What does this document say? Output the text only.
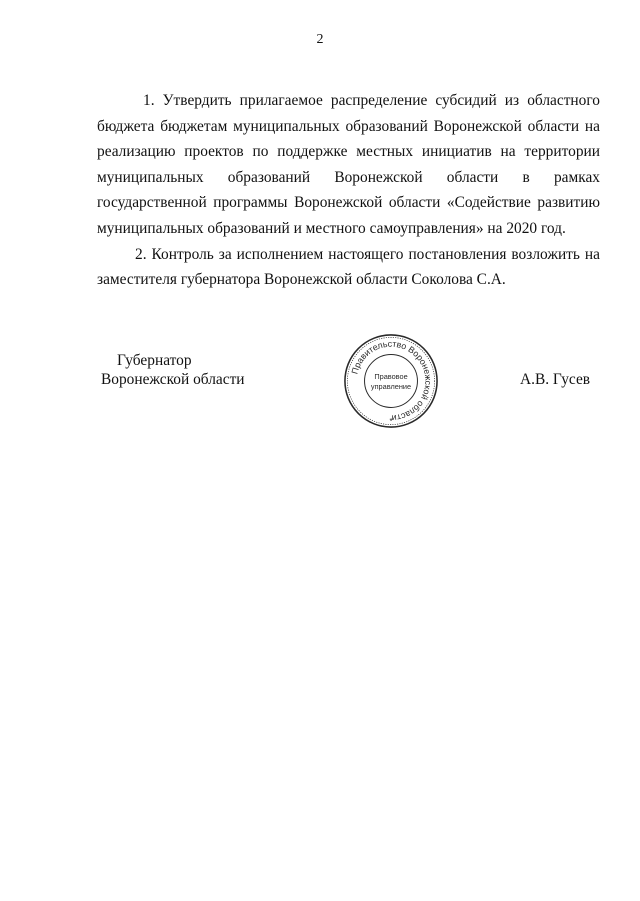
2

1. Утвердить прилагаемое распределение субсидий из областного
бюджета бюджетам муниципальных образований Воронежской области на
реализацию проектов по поддержке местных инициатив на территории
муниципальных образований Воронежской области в рамках
государственной программы Воронежской области «Содействие развитию
муниципальных образований и местного самоуправления» на 2020 год.

2. Контроль за исполнением настоящего постановления возложить на
заместителя губернатора Воронежской области Соколова С.А.

Губернатор
Воронежской области
Правительство Воронежской области
Правовое
управление
*
А.В. Гусев
